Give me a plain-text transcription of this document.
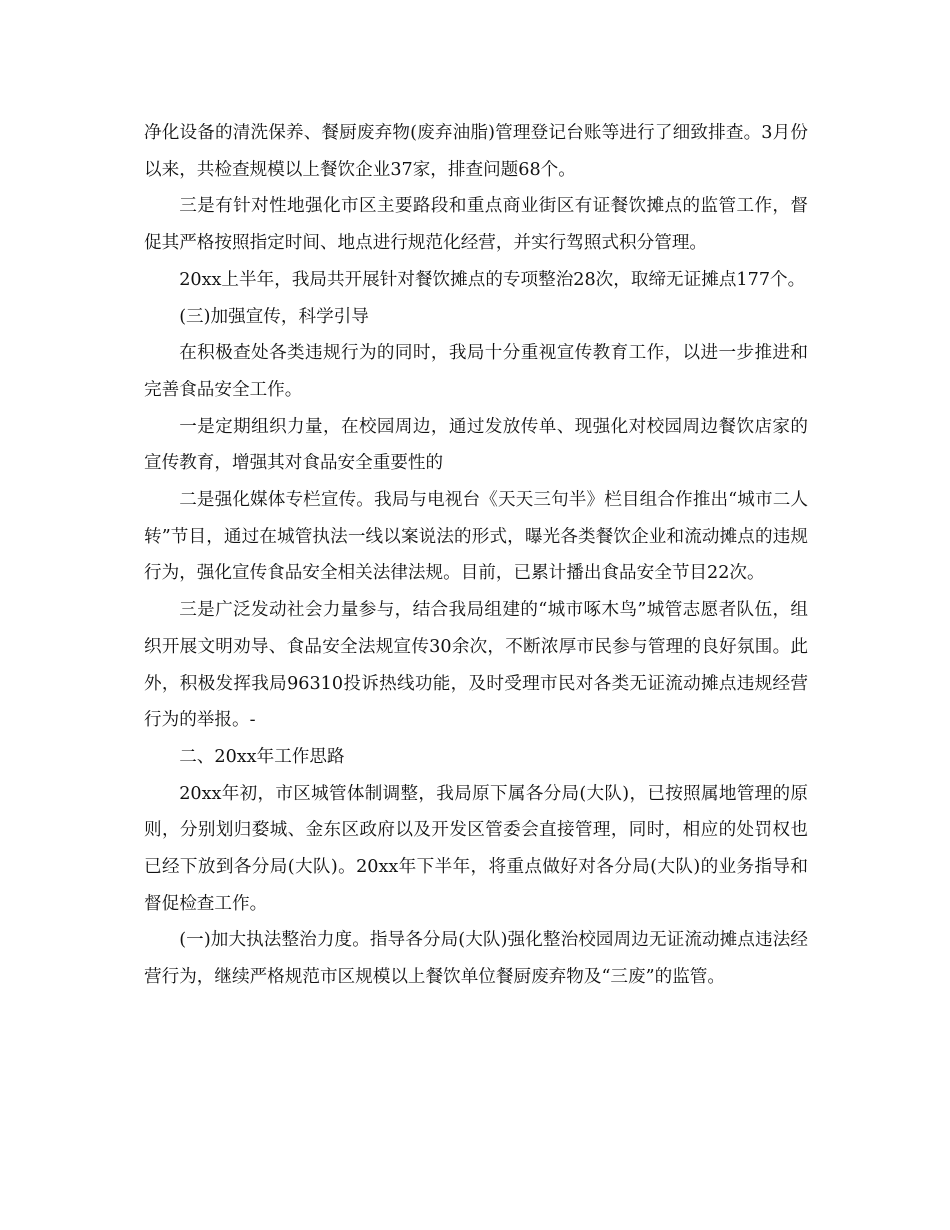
净化设备的清洗保养、餐厨废弃物(废弃油脂)管理登记台账等进行了细致排查。3月份以来，共检查规模以上餐饮企业37家，排查问题68个。

三是有针对性地强化市区主要路段和重点商业街区有证餐饮摊点的监管工作，督促其严格按照指定时间、地点进行规范化经营，并实行驾照式积分管理。

20xx上半年，我局共开展针对餐饮摊点的专项整治28次，取缔无证摊点177个。

(三)加强宣传，科学引导

在积极查处各类违规行为的同时，我局十分重视宣传教育工作，以进一步推进和完善食品安全工作。

一是定期组织力量，在校园周边，通过发放传单、现强化对校园周边餐饮店家的宣传教育，增强其对食品安全重要性的

二是强化媒体专栏宣传。我局与电视台《天天三句半》栏目组合作推出“城市二人转”节目，通过在城管执法一线以案说法的形式，曝光各类餐饮企业和流动摊点的违规行为，强化宣传食品安全相关法律法规。目前，已累计播出食品安全节目22次。

三是广泛发动社会力量参与，结合我局组建的“城市啄木鸟”城管志愿者队伍，组织开展文明劝导、食品安全法规宣传30余次，不断浓厚市民参与管理的良好氛围。此外，积极发挥我局96310投诉热线功能，及时受理市民对各类无证流动摊点违规经营行为的举报。-

二、20xx年工作思路

20xx年初，市区城管体制调整，我局原下属各分局(大队)，已按照属地管理的原则，分别划归婺城、金东区政府以及开发区管委会直接管理，同时，相应的处罚权也已经下放到各分局(大队)。20xx年下半年，将重点做好对各分局(大队)的业务指导和督促检查工作。

(一)加大执法整治力度。指导各分局(大队)强化整治校园周边无证流动摊点违法经营行为，继续严格规范市区规模以上餐饮单位餐厨废弃物及“三废”的监管。
